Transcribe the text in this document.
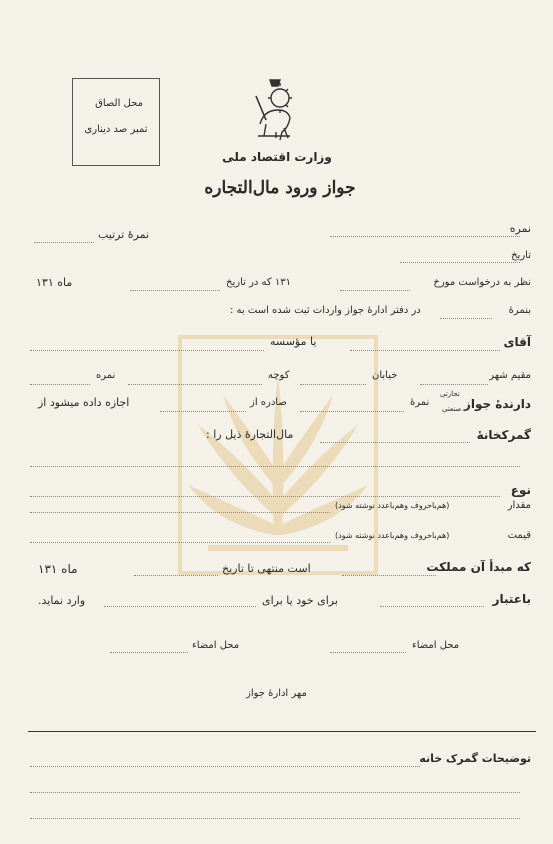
محل الصاق
تمبر صد دیناری
وزارت اقتصاد ملی
جواز ورود مال‌التجاره
نمره
نمرهٔ ترتیب
تاریخ
نظر به درخواست مورخ
۱۳۱ که در تاریخ
ماه ۱۳۱
بنمرهٔ
در دفتر ادارهٔ جواز واردات ثبت شده است به :
آقای
یا مؤسسه
مقیم شهر
خیابان
کوچه
نمره
دارندهٔ جواز
تجارتی
صنعتی
نمرهٔ
صادره از
اجازه داده میشود از
گمرکخانهٔ
مال‌التجارهٔ ذیل را :
نوع
مقدار
(هم‌باحروف وهم‌باعدد نوشته شود)
قیمت
(هم‌باحروف وهم‌باعدد نوشته شود)
که مبدأ آن مملکت
است منتهی تا تاریخ
ماه ۱۳۱
باعتبار
برای خود یا برای
وارد نماید.
محل امضاء
محل امضاء
مهر ادارهٔ جواز
توضیحات گمرک خانه
